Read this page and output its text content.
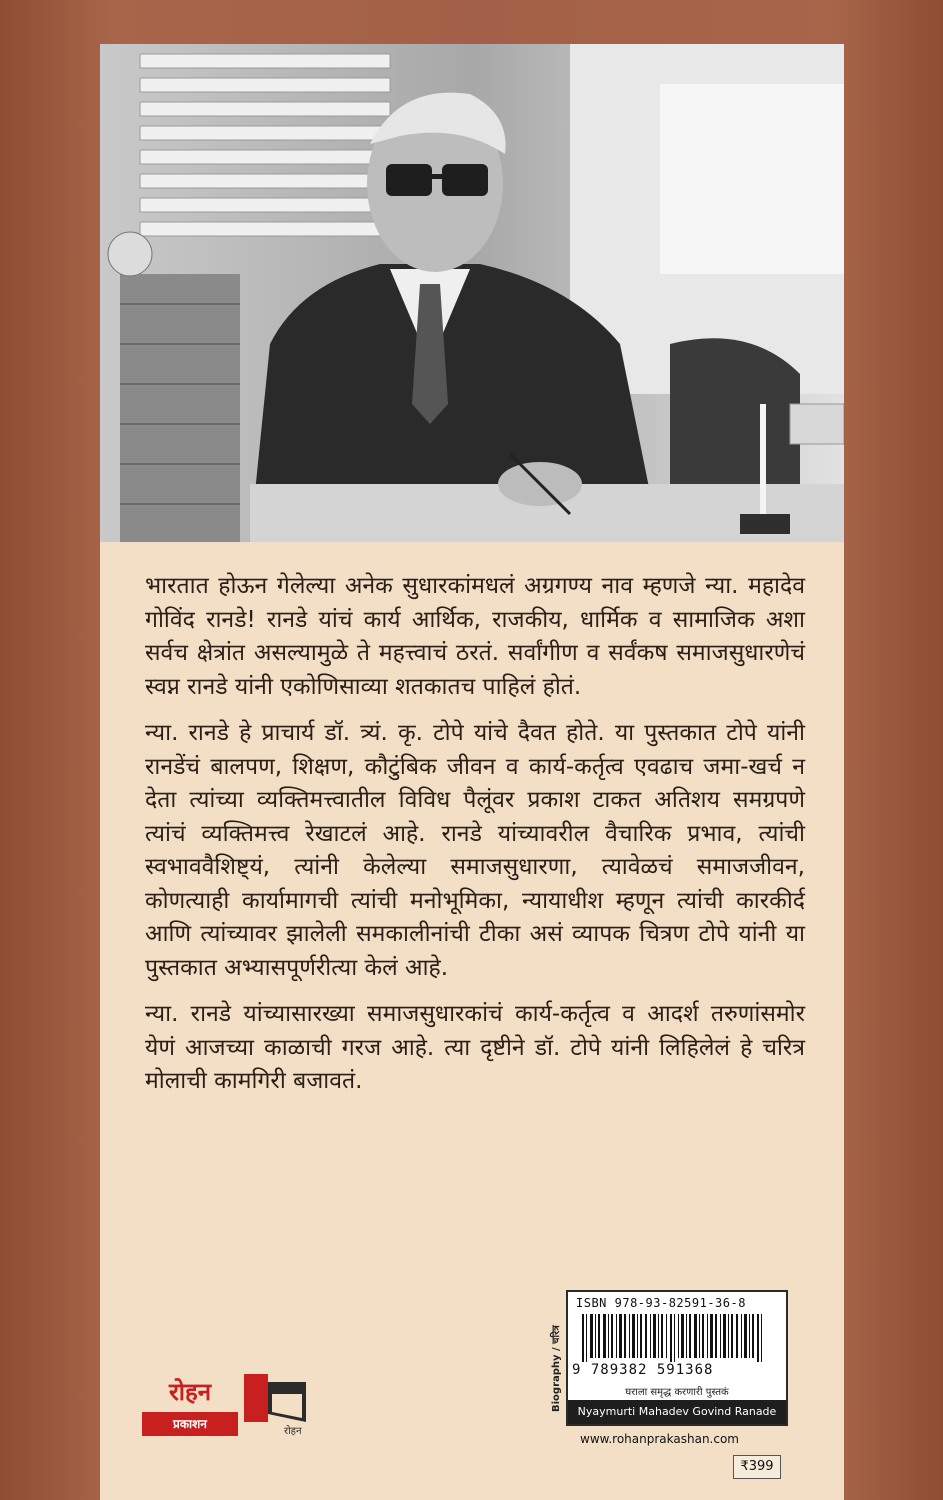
भारतात होऊन गेलेल्या अनेक सुधारकांमधलं अग्रगण्य नाव म्हणजे न्या. महादेव गोविंद रानडे! रानडे यांचं कार्य आर्थिक, राजकीय, धार्मिक व सामाजिक अशा सर्वच क्षेत्रांत असल्यामुळे ते महत्त्वाचं ठरतं. सर्वांगीण व सर्वंकष समाजसुधारणेचं स्वप्न रानडे यांनी एकोणिसाव्या शतकातच पाहिलं होतं.

न्या. रानडे हे प्राचार्य डॉ. त्र्यं. कृ. टोपे यांचे दैवत होते. या पुस्तकात टोपे यांनी रानडेंचं बालपण, शिक्षण, कौटुंबिक जीवन व कार्य-कर्तृत्व एवढाच जमा-खर्च न देता त्यांच्या व्यक्तिमत्त्वातील विविध पैलूंवर प्रकाश टाकत अतिशय समग्रपणे त्यांचं व्यक्तिमत्त्व रेखाटलं आहे. रानडे यांच्यावरील वैचारिक प्रभाव, त्यांची स्वभाववैशिष्ट्यं, त्यांनी केलेल्या समाजसुधारणा, त्यावेळचं समाजजीवन, कोणत्याही कार्यामागची त्यांची मनोभूमिका, न्यायाधीश म्हणून त्यांची कारकीर्द आणि त्यांच्यावर झालेली समकालीनांची टीका असं व्यापक चित्रण टोपे यांनी या पुस्तकात अभ्यासपूर्णरीत्या केलं आहे.

न्या. रानडे यांच्यासारख्या समाजसुधारकांचं कार्य-कर्तृत्व व आदर्श तरुणांसमोर येणं आजच्या काळाची गरज आहे. त्या दृष्टीने डॉ. टोपे यांनी लिहिलेलं हे चरित्र मोलाची कामगिरी बजावतं.

रोहन
प्रकाशन
रोहन
ISBN 978-93-82591-36-8
9 789382 591368
घराला समृद्ध करणारी पुस्तकं
Nyaymurti Mahadev Govind Ranade
www.rohanprakashan.com
₹399
